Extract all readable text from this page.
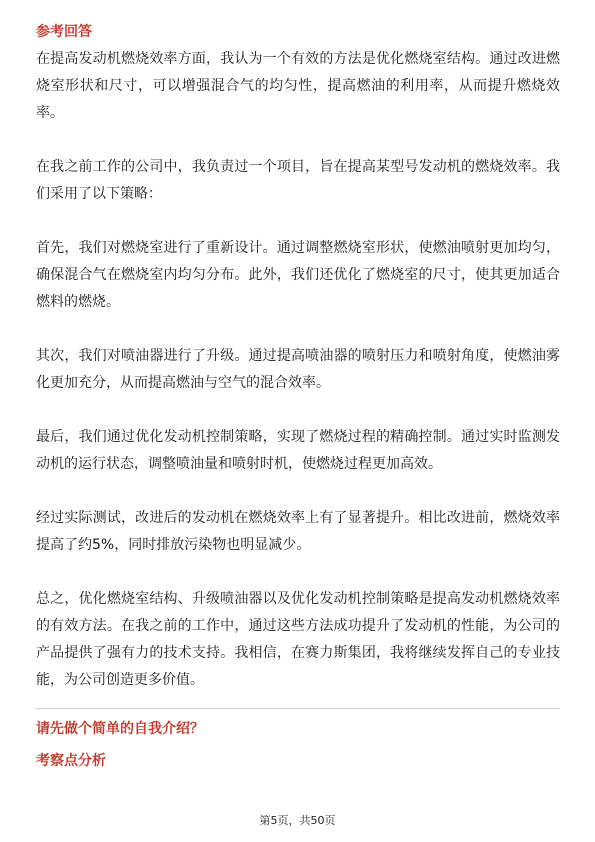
参考回答

在提高发动机燃烧效率方面，我认为一个有效的方法是优化燃烧室结构。通过改进燃烧室形状和尺寸，可以增强混合气的均匀性，提高燃油的利用率，从而提升燃烧效率。

在我之前工作的公司中，我负责过一个项目，旨在提高某型号发动机的燃烧效率。我们采用了以下策略：

首先，我们对燃烧室进行了重新设计。通过调整燃烧室形状，使燃油喷射更加均匀，确保混合气在燃烧室内均匀分布。此外，我们还优化了燃烧室的尺寸，使其更加适合燃料的燃烧。

其次，我们对喷油器进行了升级。通过提高喷油器的喷射压力和喷射角度，使燃油雾化更加充分，从而提高燃油与空气的混合效率。

最后，我们通过优化发动机控制策略，实现了燃烧过程的精确控制。通过实时监测发动机的运行状态，调整喷油量和喷射时机，使燃烧过程更加高效。

经过实际测试，改进后的发动机在燃烧效率上有了显著提升。相比改进前，燃烧效率提高了约5%，同时排放污染物也明显减少。

总之，优化燃烧室结构、升级喷油器以及优化发动机控制策略是提高发动机燃烧效率的有效方法。在我之前的工作中，通过这些方法成功提升了发动机的性能，为公司的产品提供了强有力的技术支持。我相信，在赛力斯集团，我将继续发挥自己的专业技能，为公司创造更多价值。

请先做个简单的自我介绍？

考察点分析

第5页，共50页
